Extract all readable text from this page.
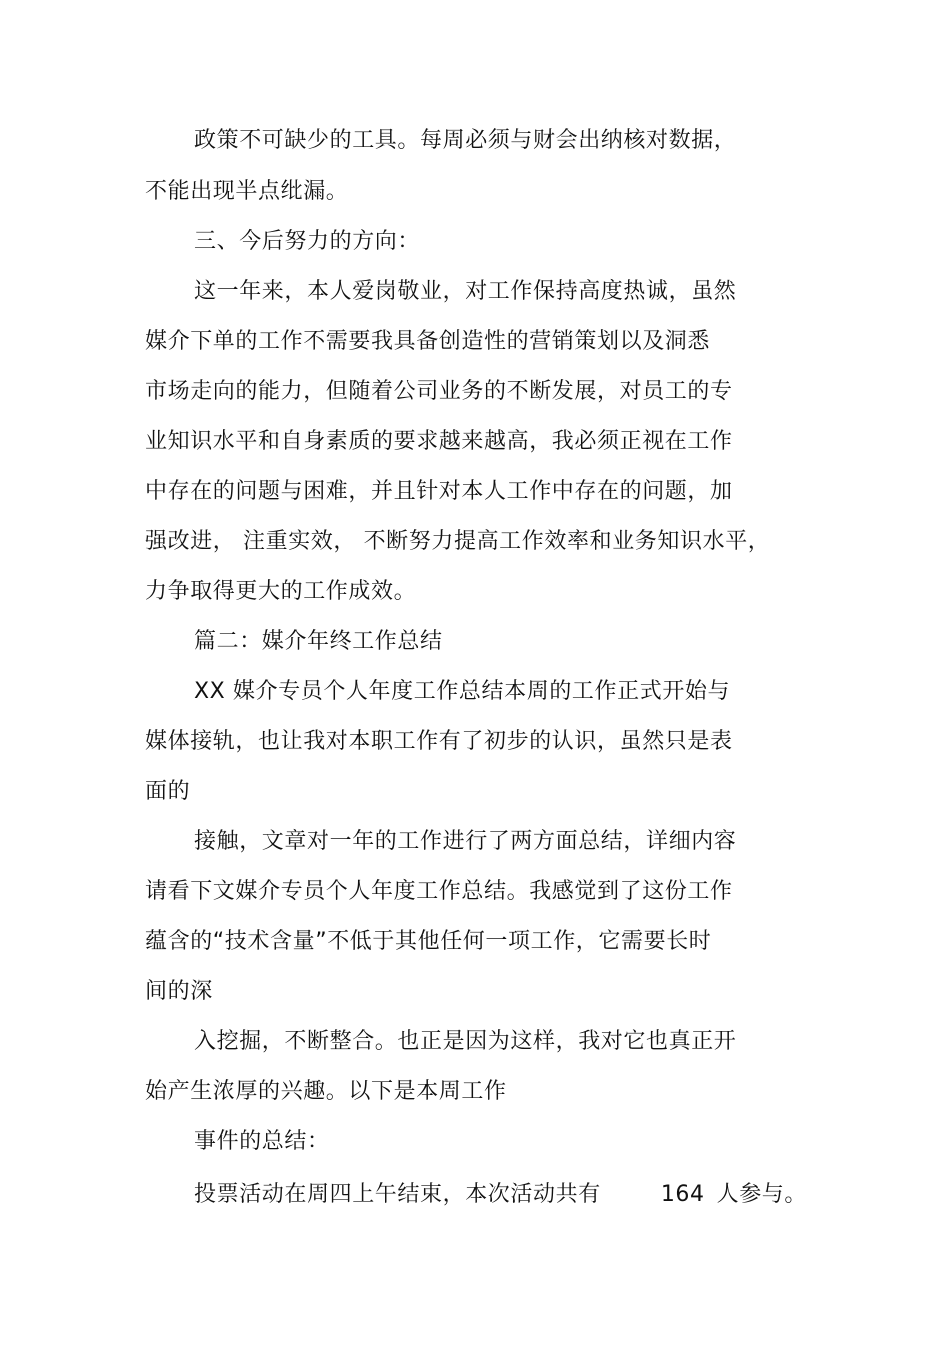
政策不可缺少的工具。每周必须与财会出纳核对数据，
不能出现半点纰漏。
三、今后努力的方向：
这一年来，本人爱岗敬业，对工作保持高度热诚，虽然
媒介下单的工作不需要我具备创造性的营销策划以及洞悉
市场走向的能力，但随着公司业务的不断发展，对员工的专
业知识水平和自身素质的要求越来越高，我必须正视在工作
中存在的问题与困难，并且针对本人工作中存在的问题，加
强改进， 注重实效， 不断努力提高工作效率和业务知识水平，
力争取得更大的工作成效。
篇二：媒介年终工作总结
XX 媒介专员个人年度工作总结本周的工作正式开始与
媒体接轨，也让我对本职工作有了初步的认识，虽然只是表
面的
接触，文章对一年的工作进行了两方面总结，详细内容
请看下文媒介专员个人年度工作总结。我感觉到了这份工作
蕴含的“技术含量”不低于其他任何一项工作，它需要长时
间的深
入挖掘，不断整合。也正是因为这样，我对它也真正开
始产生浓厚的兴趣。以下是本周工作
事件的总结：
投票活动在周四上午结束，本次活动共有	164 人参与。
